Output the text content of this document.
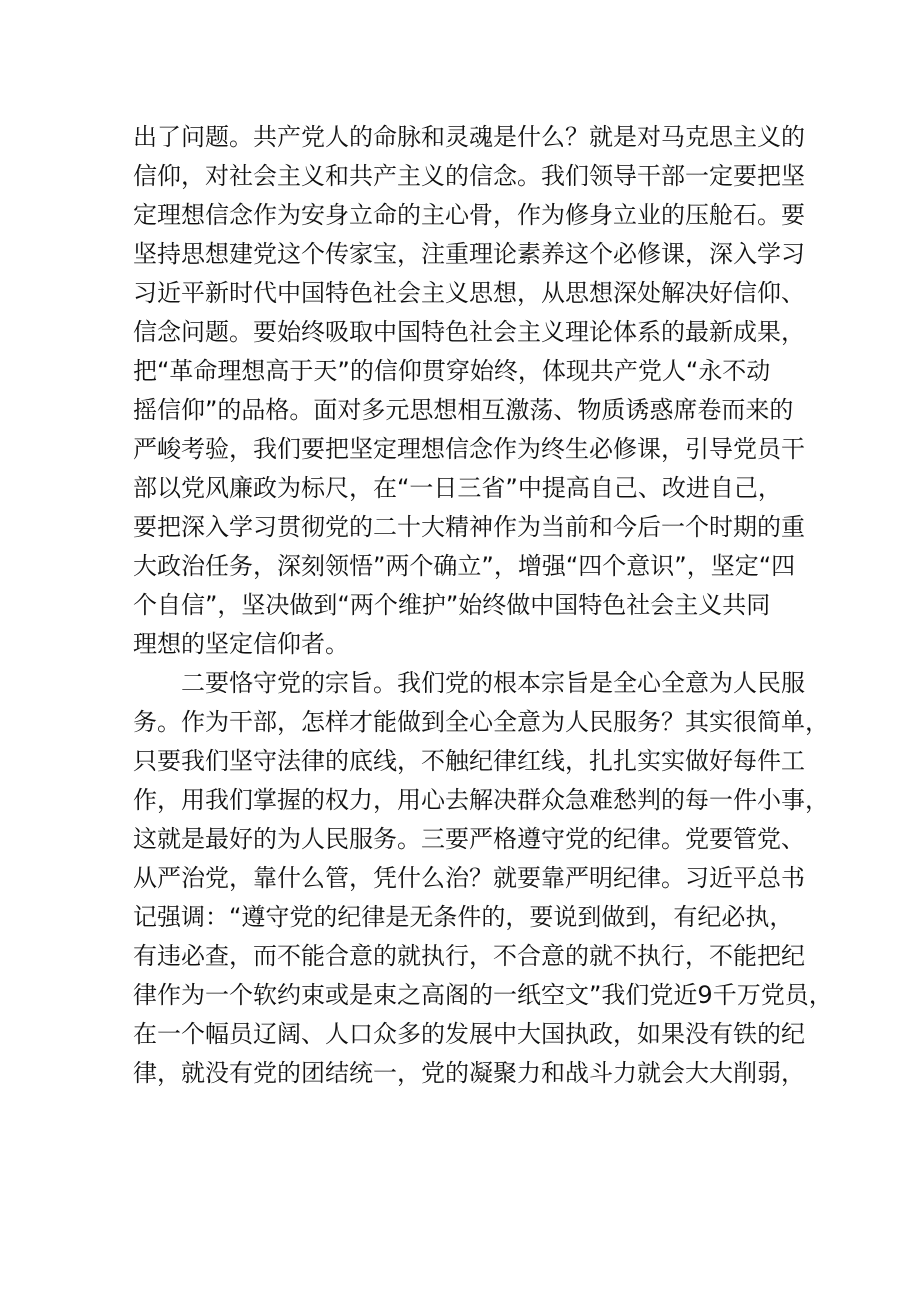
出了问题。共产党人的命脉和灵魂是什么？就是对马克思主义的
信仰，对社会主义和共产主义的信念。我们领导干部一定要把坚
定理想信念作为安身立命的主心骨，作为修身立业的压舱石。要
坚持思想建党这个传家宝，注重理论素养这个必修课，深入学习
习近平新时代中国特色社会主义思想，从思想深处解决好信仰、
信念问题。要始终吸取中国特色社会主义理论体系的最新成果，
把“革命理想高于天”的信仰贯穿始终，体现共产党人“永不动
摇信仰”的品格。面对多元思想相互激荡、物质诱惑席卷而来的
严峻考验，我们要把坚定理想信念作为终生必修课，引导党员干
部以党风廉政为标尺，在“一日三省”中提高自己、改进自己，
要把深入学习贯彻党的二十大精神作为当前和今后一个时期的重
大政治任务，深刻领悟”两个确立”，增强“四个意识”，坚定“四
个自信”，坚决做到“两个维护”始终做中国特色社会主义共同
理想的坚定信仰者。
二要恪守党的宗旨。我们党的根本宗旨是全心全意为人民服
务。作为干部，怎样才能做到全心全意为人民服务？其实很简单，
只要我们坚守法律的底线，不触纪律红线，扎扎实实做好每件工
作，用我们掌握的权力，用心去解决群众急难愁判的每一件小事，
这就是最好的为人民服务。三要严格遵守党的纪律。党要管党、
从严治党，靠什么管，凭什么治？就要靠严明纪律。习近平总书
记强调：“遵守党的纪律是无条件的，要说到做到，有纪必执，
有违必查，而不能合意的就执行，不合意的就不执行，不能把纪
律作为一个软约束或是束之高阁的一纸空文”我们党近9千万党员，
在一个幅员辽阔、人口众多的发展中大国执政，如果没有铁的纪
律，就没有党的团结统一，党的凝聚力和战斗力就会大大削弱，
